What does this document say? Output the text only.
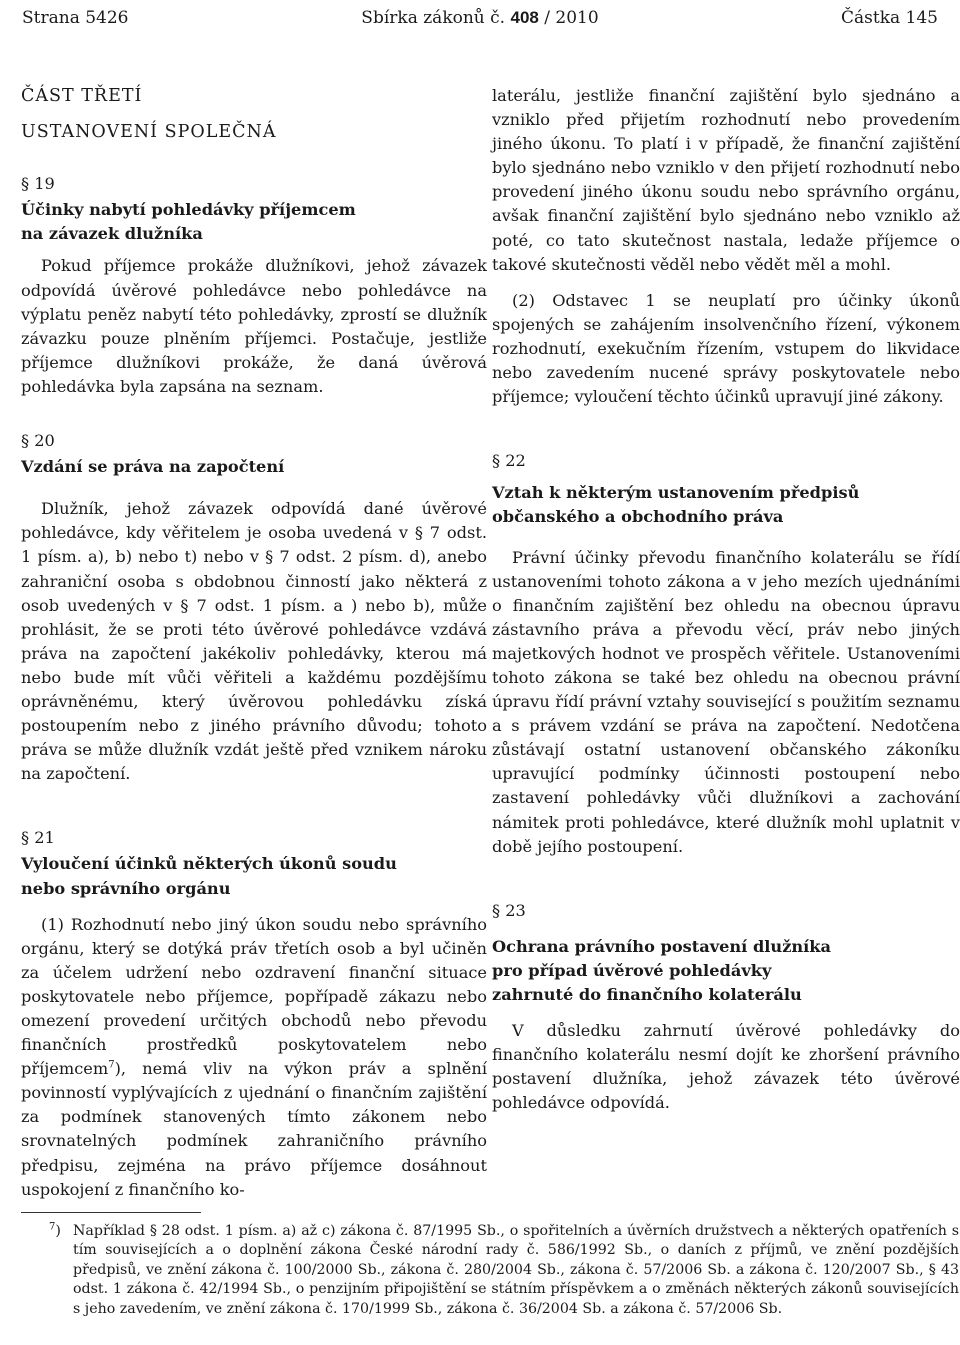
Strana 5426	Sbírka zákonů č. 408 / 2010	Částka 145

ČÁST TŘETÍ

USTANOVENÍ SPOLEČNÁ

§ 19

Účinky nabytí pohledávky příjemcem

na závazek dlužníka

Pokud příjemce prokáže dlužníkovi, jehož závazek odpovídá úvěrové pohledávce nebo pohledávce na výplatu peněz nabytí této pohledávky, zprostí se dlužník závazku pouze plněním příjemci. Postačuje, jestliže příjemce dlužníkovi prokáže, že daná úvěrová pohledávka byla zapsána na seznam.

§ 20

Vzdání se práva na započtení

Dlužník, jehož závazek odpovídá dané úvěrové pohledávce, kdy věřitelem je osoba uvedená v § 7 odst. 1 písm. a), b) nebo t) nebo v § 7 odst. 2 písm. d), anebo zahraniční osoba s obdobnou činností jako některá z osob uvedených v § 7 odst. 1 písm. a ) nebo b), může prohlásit, že se proti této úvěrové pohledávce vzdává práva na započtení jakékoliv pohledávky, kterou má nebo bude mít vůči věřiteli a každému pozdějšímu oprávněnému, který úvěrovou pohledávku získá postoupením nebo z jiného právního důvodu; tohoto práva se může dlužník vzdát ještě před vznikem nároku na započtení.

§ 21

Vyloučení účinků některých úkonů soudu

nebo správního orgánu

(1) Rozhodnutí nebo jiný úkon soudu nebo správního orgánu, který se dotýká práv třetích osob a byl učiněn za účelem udržení nebo ozdravení finanční situace poskytovatele nebo příjemce, popřípadě zákazu nebo omezení provedení určitých obchodů nebo převodu finančních prostředků poskytovatelem nebo příjemcem$^7$), nemá vliv na výkon práv a splnění povinností vyplývajících z ujednání o finančním zajištění za podmínek stanovených tímto zákonem nebo srovnatelných podmínek zahraničního právního předpisu, zejména na právo příjemce dosáhnout uspokojení z finančního ko-

laterálu, jestliže finanční zajištění bylo sjednáno a vzniklo před přijetím rozhodnutí nebo provedením jiného úkonu. To platí i v případě, že finanční zajištění bylo sjednáno nebo vzniklo v den přijetí rozhodnutí nebo provedení jiného úkonu soudu nebo správního orgánu, avšak finanční zajištění bylo sjednáno nebo vzniklo až poté, co tato skutečnost nastala, ledaže příjemce o takové skutečnosti věděl nebo vědět měl a mohl.

(2) Odstavec 1 se neuplatí pro účinky úkonů spojených se zahájením insolvenčního řízení, výkonem rozhodnutí, exekučním řízením, vstupem do likvidace nebo zavedením nucené správy poskytovatele nebo příjemce; vyloučení těchto účinků upravují jiné zákony.

§ 22

Vztah k některým ustanovením předpisů

občanského a obchodního práva

Právní účinky převodu finančního kolaterálu se řídí ustanoveními tohoto zákona a v jeho mezích ujednáními o finančním zajištění bez ohledu na obecnou úpravu zástavního práva a převodu věcí, práv nebo jiných majetkových hodnot ve prospěch věřitele. Ustanoveními tohoto zákona se také bez ohledu na obecnou právní úpravu řídí právní vztahy související s použitím seznamu a s právem vzdání se práva na započtení. Nedotčena zůstávají ostatní ustanovení občanského zákoníku upravující podmínky účinnosti postoupení nebo zastavení pohledávky vůči dlužníkovi a zachování námitek proti pohledávce, které dlužník mohl uplatnit v době jejího postoupení.

§ 23

Ochrana právního postavení dlužníka

pro případ úvěrové pohledávky

zahrnuté do finančního kolaterálu

V důsledku zahrnutí úvěrové pohledávky do finančního kolaterálu nesmí dojít ke zhoršení právního postavení dlužníka, jehož závazek této úvěrové pohledávce odpovídá.

$^7$) Například § 28 odst. 1 písm. a) až c) zákona č. 87/1995 Sb., o spořitelních a úvěrních družstvech a některých opatřeních s tím souvisejících a o doplnění zákona České národní rady č. 586/1992 Sb., o daních z příjmů, ve znění pozdějších předpisů, ve znění zákona č. 100/2000 Sb., zákona č. 280/2004 Sb., zákona č. 57/2006 Sb. a zákona č. 120/2007 Sb., § 43 odst. 1 zákona č. 42/1994 Sb., o penzijním připojištění se státním příspěvkem a o změnách některých zákonů souvisejících s jeho zavedením, ve znění zákona č. 170/1999 Sb., zákona č. 36/2004 Sb. a zákona č. 57/2006 Sb.
